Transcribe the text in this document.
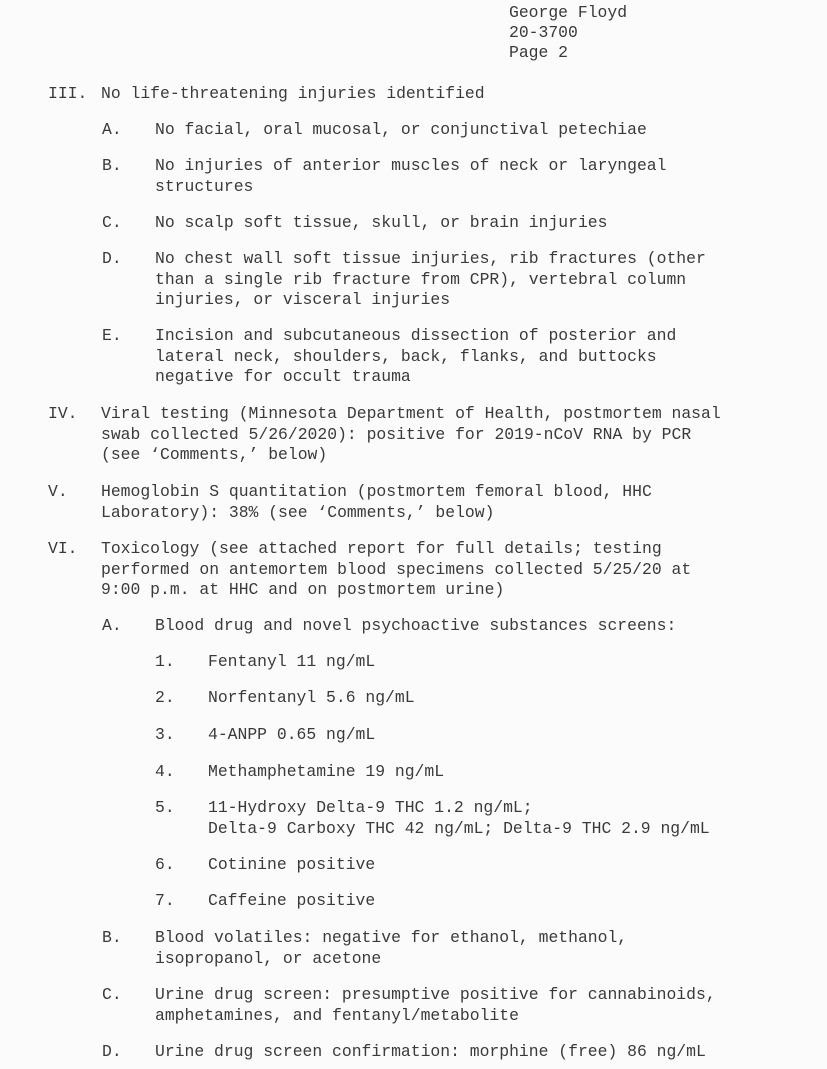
George Floyd
20-3700
Page 2
III. No life-threatening injuries identified
A. No facial, oral mucosal, or conjunctival petechiae
B. No injuries of anterior muscles of neck or laryngeal
structures
C. No scalp soft tissue, skull, or brain injuries
D. No chest wall soft tissue injuries, rib fractures (other
than a single rib fracture from CPR), vertebral column
injuries, or visceral injuries
E. Incision and subcutaneous dissection of posterior and
lateral neck, shoulders, back, flanks, and buttocks
negative for occult trauma
IV. Viral testing (Minnesota Department of Health, postmortem nasal
swab collected 5/26/2020): positive for 2019-nCoV RNA by PCR
(see ‘Comments,’ below)
V. Hemoglobin S quantitation (postmortem femoral blood, HHC
Laboratory): 38% (see ‘Comments,’ below)
VI. Toxicology (see attached report for full details; testing
performed on antemortem blood specimens collected 5/25/20 at
9:00 p.m. at HHC and on postmortem urine)
A. Blood drug and novel psychoactive substances screens:
1. Fentanyl 11 ng/mL
2. Norfentanyl 5.6 ng/mL
3. 4-ANPP 0.65 ng/mL
4. Methamphetamine 19 ng/mL
5. 11-Hydroxy Delta-9 THC 1.2 ng/mL;
Delta-9 Carboxy THC 42 ng/mL; Delta-9 THC 2.9 ng/mL
6. Cotinine positive
7. Caffeine positive
B. Blood volatiles: negative for ethanol, methanol,
isopropanol, or acetone
C. Urine drug screen: presumptive positive for cannabinoids,
amphetamines, and fentanyl/metabolite
D. Urine drug screen confirmation: morphine (free) 86 ng/mL
